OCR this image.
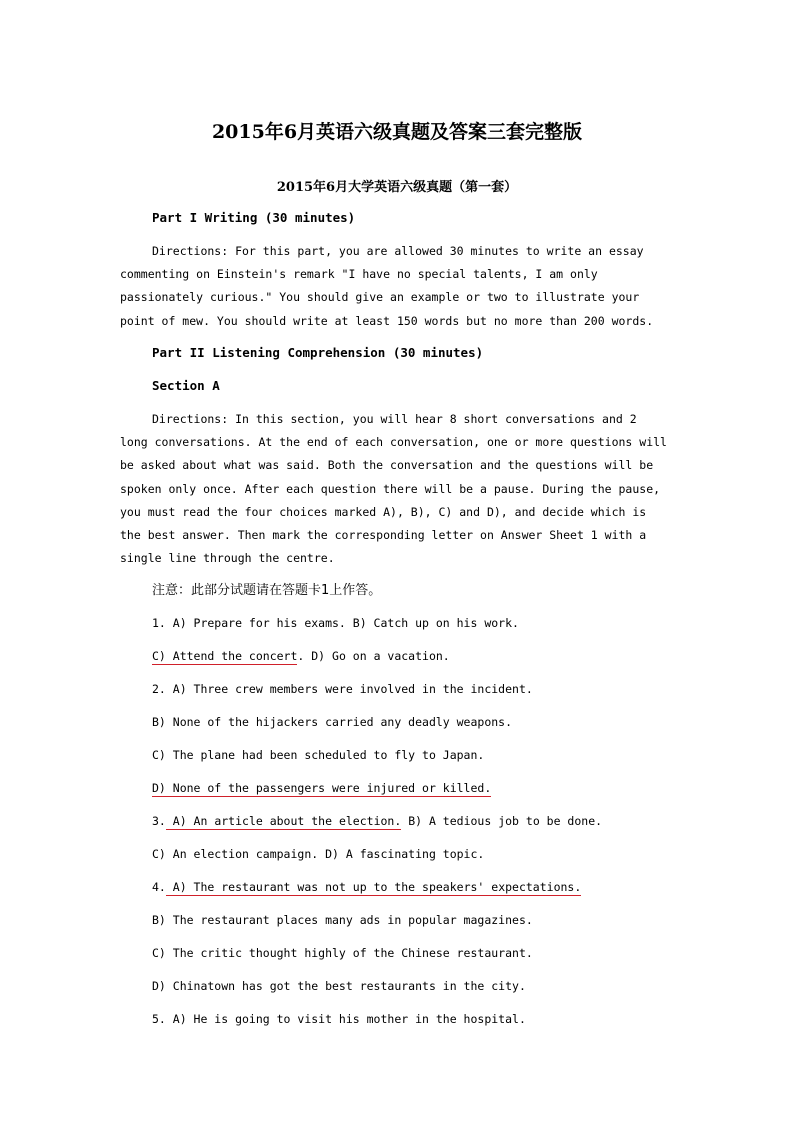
2015年6月英语六级真题及答案三套完整版
2015年6月大学英语六级真题（第一套）
Part I Writing (30 minutes)
Directions: For this part, you are allowed 30 minutes to write an essay
commenting on Einstein's remark "I have no special talents, I am only
passionately curious." You should give an example or two to illustrate your
point of mew. You should write at least 150 words but no more than 200 words.
Part II Listening Comprehension (30 minutes)
Section A
Directions: In this section, you will hear 8 short conversations and 2
long conversations. At the end of each conversation, one or more questions will
be asked about what was said. Both the conversation and the questions will be
spoken only once. After each question there will be a pause. During the pause,
you must read the four choices marked A), B), C) and D), and decide which is
the best answer. Then mark the corresponding letter on Answer Sheet 1 with a
single line through the centre.
注意：此部分试题请在答题卡1上作答。
1. A) Prepare for his exams. B) Catch up on his work.
C) Attend the concert. D) Go on a vacation.
2. A) Three crew members were involved in the incident.
B) None of the hijackers carried any deadly weapons.
C) The plane had been scheduled to fly to Japan.
D) None of the passengers were injured or killed.
3. A) An article about the election. B) A tedious job to be done.
C) An election campaign. D) A fascinating topic.
4. A) The restaurant was not up to the speakers' expectations.
B) The restaurant places many ads in popular magazines.
C) The critic thought highly of the Chinese restaurant.
D) Chinatown has got the best restaurants in the city.
5. A) He is going to visit his mother in the hospital.
